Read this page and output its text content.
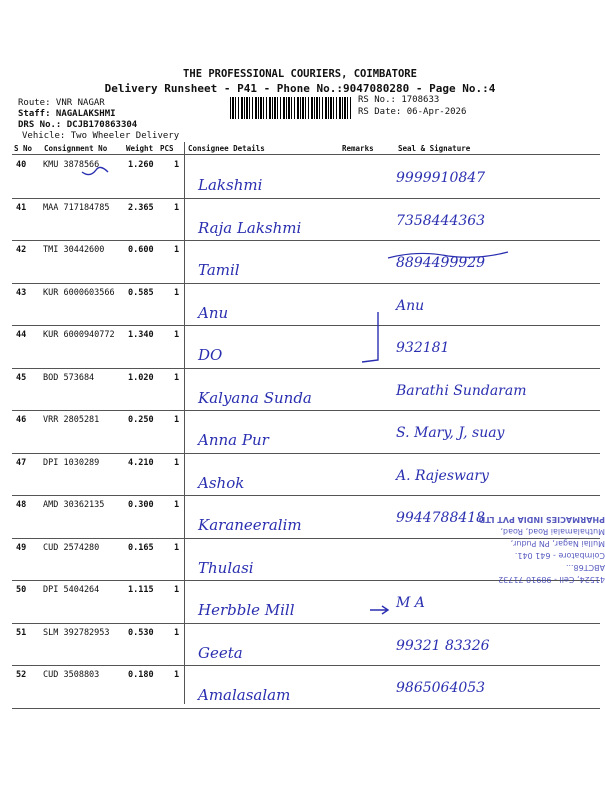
THE PROFESSIONAL COURIERS, COIMBATORE
Delivery Runsheet - P41 - Phone No.:9047080280 - Page No.:4
Route: VNR NAGAR
Staff: NAGALAKSHMI
DRS No.: DCJB170863304
Vehicle: Two Wheeler Delivery
RS No.: 1708633
RS Date: 06-Apr-2026
S No Consignment No	Weight PCS Consignee Details	Remarks	Seal & Signature
40 KMU 3878566	1.260 1
Lakshmi	9999910847
41 MAA 717184785 2.365 1
Raja Lakshmi	7358444363
42 TMI 30442600	0.600 1
Tamil	8894499929
43 KUR 6000603566 0.585 1
Anu	Anu
44 KUR 6000940772 1.340 1
DO	932181
45 BOD 573684	1.020 1
Kalyana Sunda	Barathi Sundaram
46 VRR 2805281	0.250 1
Anna Pur	S. Mary, J, suay
47 DPI 1030289	4.210 1
Ashok	A. Rajeswary
48 AMD 30362135	0.300 1
Karaneeralim	9944788418
49 CUD 2574280	0.165 1
Thulasi
50 DPI 5404264	1.115 1
Herbble Mill	M A
51 SLM 392782953 0.530 1
Geeta	99321 83326
52 CUD 3508803	0.180 1
Amalasalam	9865064053
41524, Cell - 98910 71732
ABCT68...
Coimbatore - 641 041.
Mullai Nagar, PN Pudur,
Muthalamalai Road, Road,
PHARMACIES INDIA PVT LTD
